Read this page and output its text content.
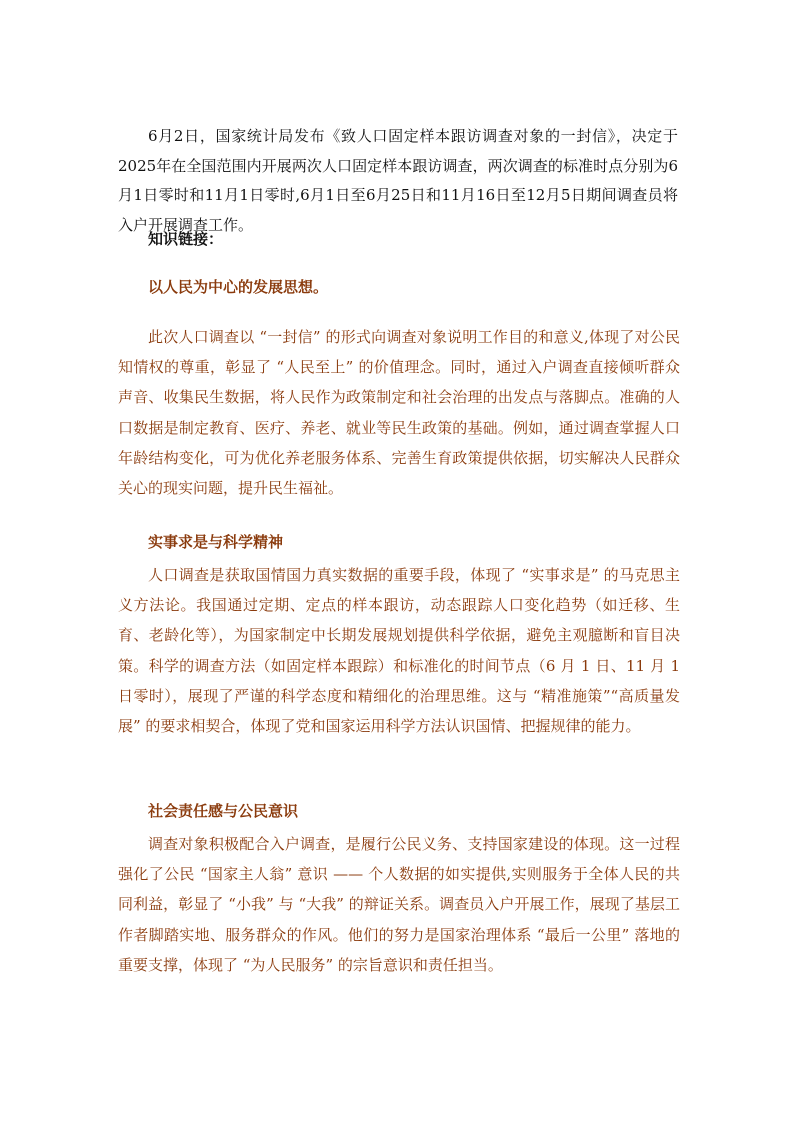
6月2日，国家统计局发布《致人口固定样本跟访调查对象的一封信》，决定于2025年在全国范围内开展两次人口固定样本跟访调查，两次调查的标准时点分别为6月1日零时和11月1日零时,6月1日至6月25日和11月16日至12月5日期间调查员将入户开展调查工作。

知识链接：

以人民为中心的发展思想。

此次人口调查以 “一封信” 的形式向调查对象说明工作目的和意义,体现了对公民知情权的尊重，彰显了 “人民至上” 的价值理念。同时，通过入户调查直接倾听群众声音、收集民生数据，将人民作为政策制定和社会治理的出发点与落脚点。准确的人口数据是制定教育、医疗、养老、就业等民生政策的基础。例如，通过调查掌握人口年龄结构变化，可为优化养老服务体系、完善生育政策提供依据，切实解决人民群众关心的现实问题，提升民生福祉。

实事求是与科学精神

人口调查是获取国情国力真实数据的重要手段，体现了 “实事求是” 的马克思主义方法论。我国通过定期、定点的样本跟访，动态跟踪人口变化趋势（如迁移、生育、老龄化等），为国家制定中长期发展规划提供科学依据，避免主观臆断和盲目决策。科学的调查方法（如固定样本跟踪）和标准化的时间节点（6 月 1 日、11 月 1 日零时），展现了严谨的科学态度和精细化的治理思维。这与 “精准施策”“高质量发展” 的要求相契合，体现了党和国家运用科学方法认识国情、把握规律的能力。

社会责任感与公民意识

调查对象积极配合入户调查，是履行公民义务、支持国家建设的体现。这一过程强化了公民 “国家主人翁” 意识 —— 个人数据的如实提供,实则服务于全体人民的共同利益，彰显了 “小我” 与 “大我” 的辩证关系。调查员入户开展工作，展现了基层工作者脚踏实地、服务群众的作风。他们的努力是国家治理体系 “最后一公里” 落地的重要支撑，体现了 “为人民服务” 的宗旨意识和责任担当。
